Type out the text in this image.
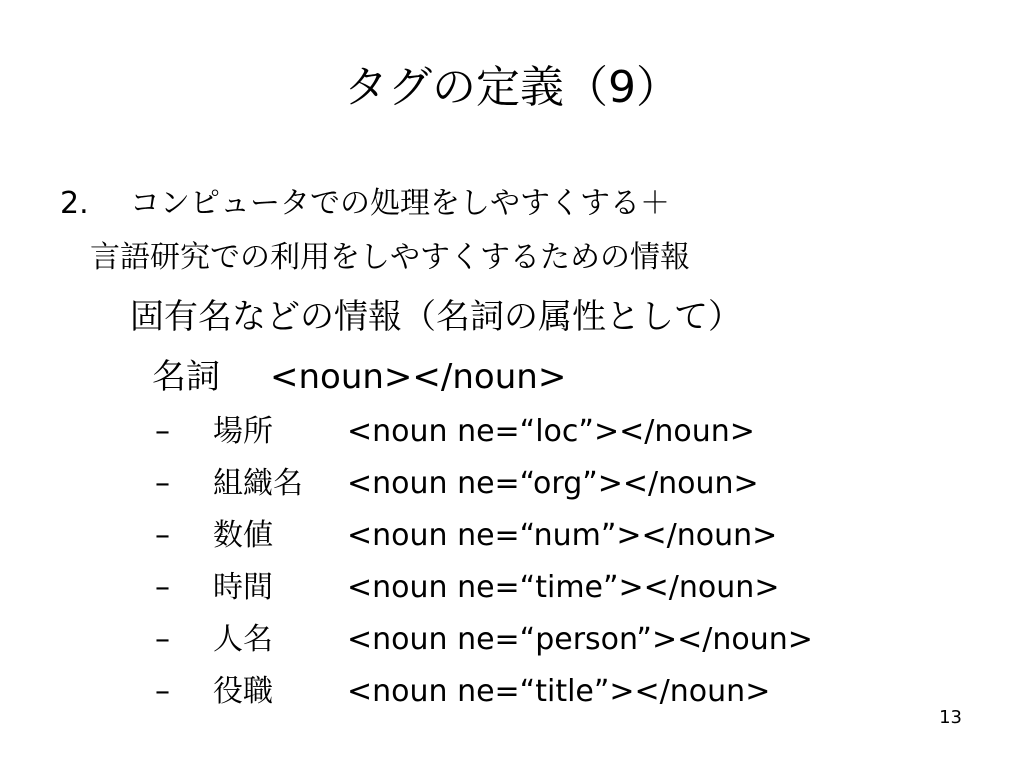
タグの定義（9）
2. コンピュータでの処理をしやすくする＋
言語研究での利用をしやすくするための情報
固有名などの情報（名詞の属性として）
名詞 <noun></noun>
– 場所 <noun ne=“loc”></noun>
– 組織名 <noun ne=“org”></noun>
– 数値 <noun ne=“num”></noun>
– 時間 <noun ne=“time”></noun>
– 人名 <noun ne=“person”></noun>
– 役職 <noun ne=“title”></noun>
13
